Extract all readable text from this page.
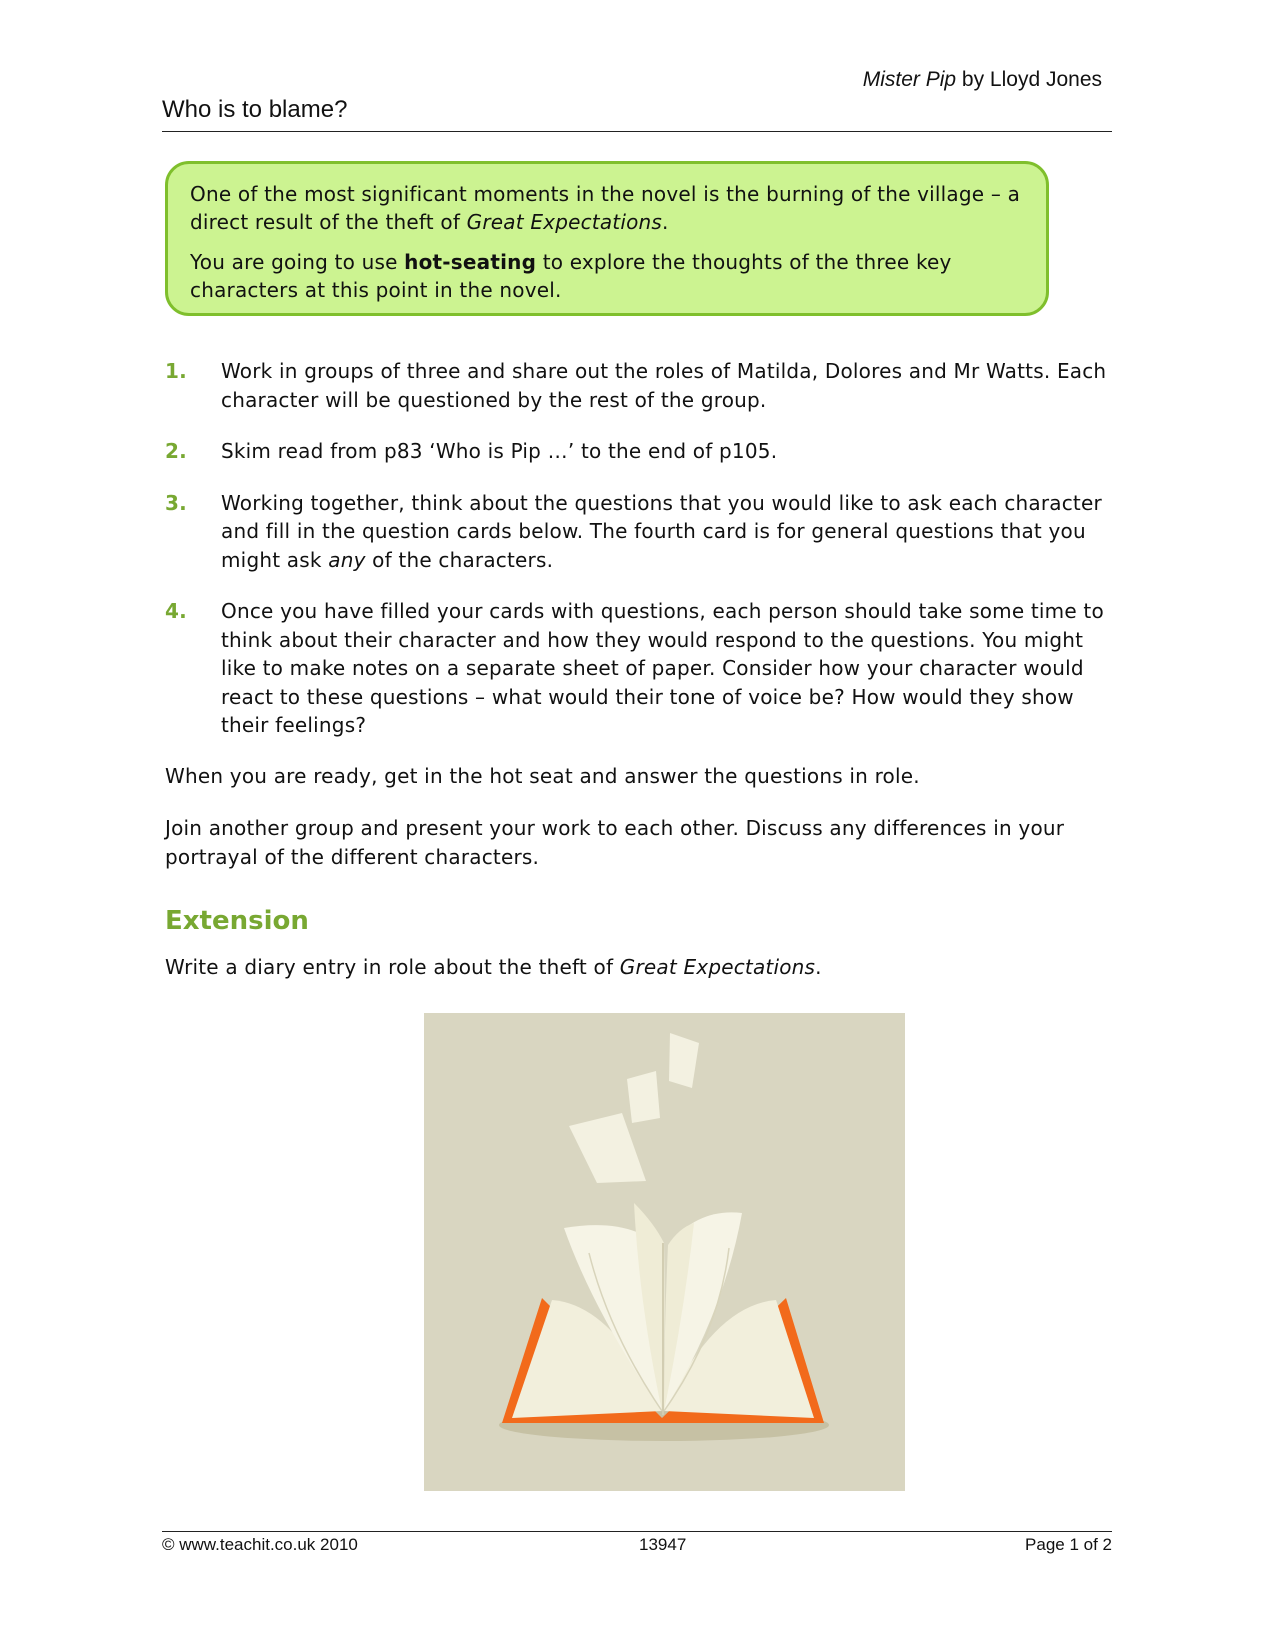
Mister Pip by Lloyd Jones
Who is to blame?

One of the most significant moments in the novel is the burning of the village – a direct result of the theft of Great Expectations.

You are going to use hot-seating to explore the thoughts of the three key characters at this point in the novel.

1. Work in groups of three and share out the roles of Matilda, Dolores and Mr Watts. Each character will be questioned by the rest of the group.
2. Skim read from p83 ‘Who is Pip …’ to the end of p105.
3. Working together, think about the questions that you would like to ask each character and fill in the question cards below. The fourth card is for general questions that you might ask any of the characters.
4. Once you have filled your cards with questions, each person should take some time to think about their character and how they would respond to the questions. You might like to make notes on a separate sheet of paper. Consider how your character would react to these questions – what would their tone of voice be? How would they show their feelings?

When you are ready, get in the hot seat and answer the questions in role.

Join another group and present your work to each other. Discuss any differences in your portrayal of the different characters.

Extension

Write a diary entry in role about the theft of Great Expectations.

© www.teachit.co.uk 2010	13947	Page 1 of 2
